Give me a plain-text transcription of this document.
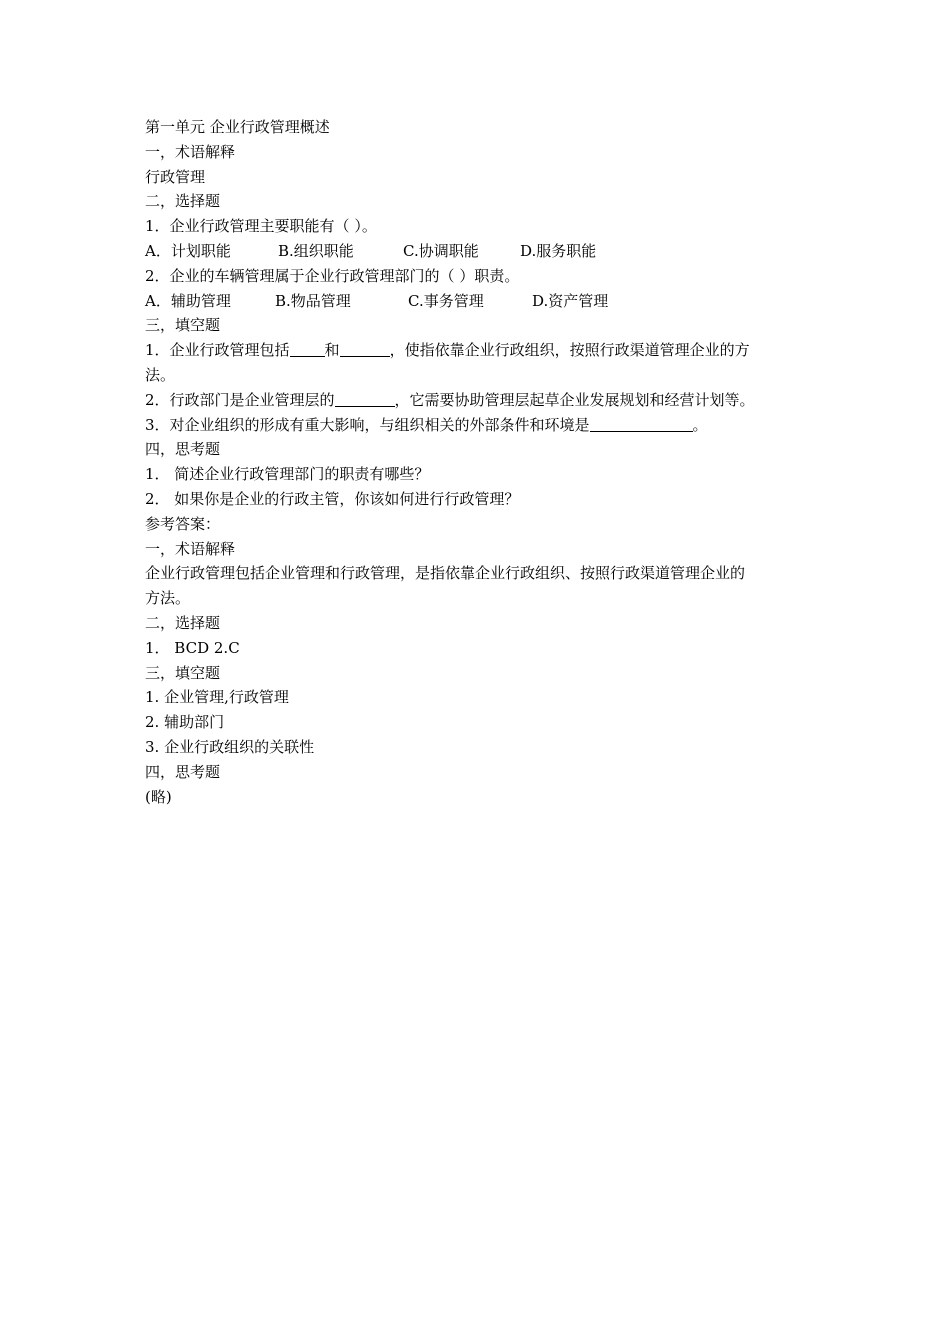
第一单元 企业行政管理概述
一，术语解释
行政管理
二，选择题
1．企业行政管理主要职能有（ ）。
A．计划职能	B.组织职能	C.协调职能	D.服务职能
2．企业的车辆管理属于企业行政管理部门的（ ）职责。
A．辅助管理	B.物品管理	C.事务管理	D.资产管理
三，填空题
1．企业行政管理包括 和	，使指依靠企业行政组织，按照行政渠道管理企业的方
法。
2．行政部门是企业管理层的	，它需要协助管理层起草企业发展规划和经营计划等。
3．对企业组织的形成有重大影响，与组织相关的外部条件和环境是	。
四，思考题
1． 简述企业行政管理部门的职责有哪些？
2． 如果你是企业的行政主管，你该如何进行行政管理？
参考答案：
一，术语解释
企业行政管理包括企业管理和行政管理，是指依靠企业行政组织、按照行政渠道管理企业的
方法。
二，选择题
1． BCD 2.C
三，填空题
1. 企业管理,行政管理
2. 辅助部门
3. 企业行政组织的关联性
四，思考题
(略)
